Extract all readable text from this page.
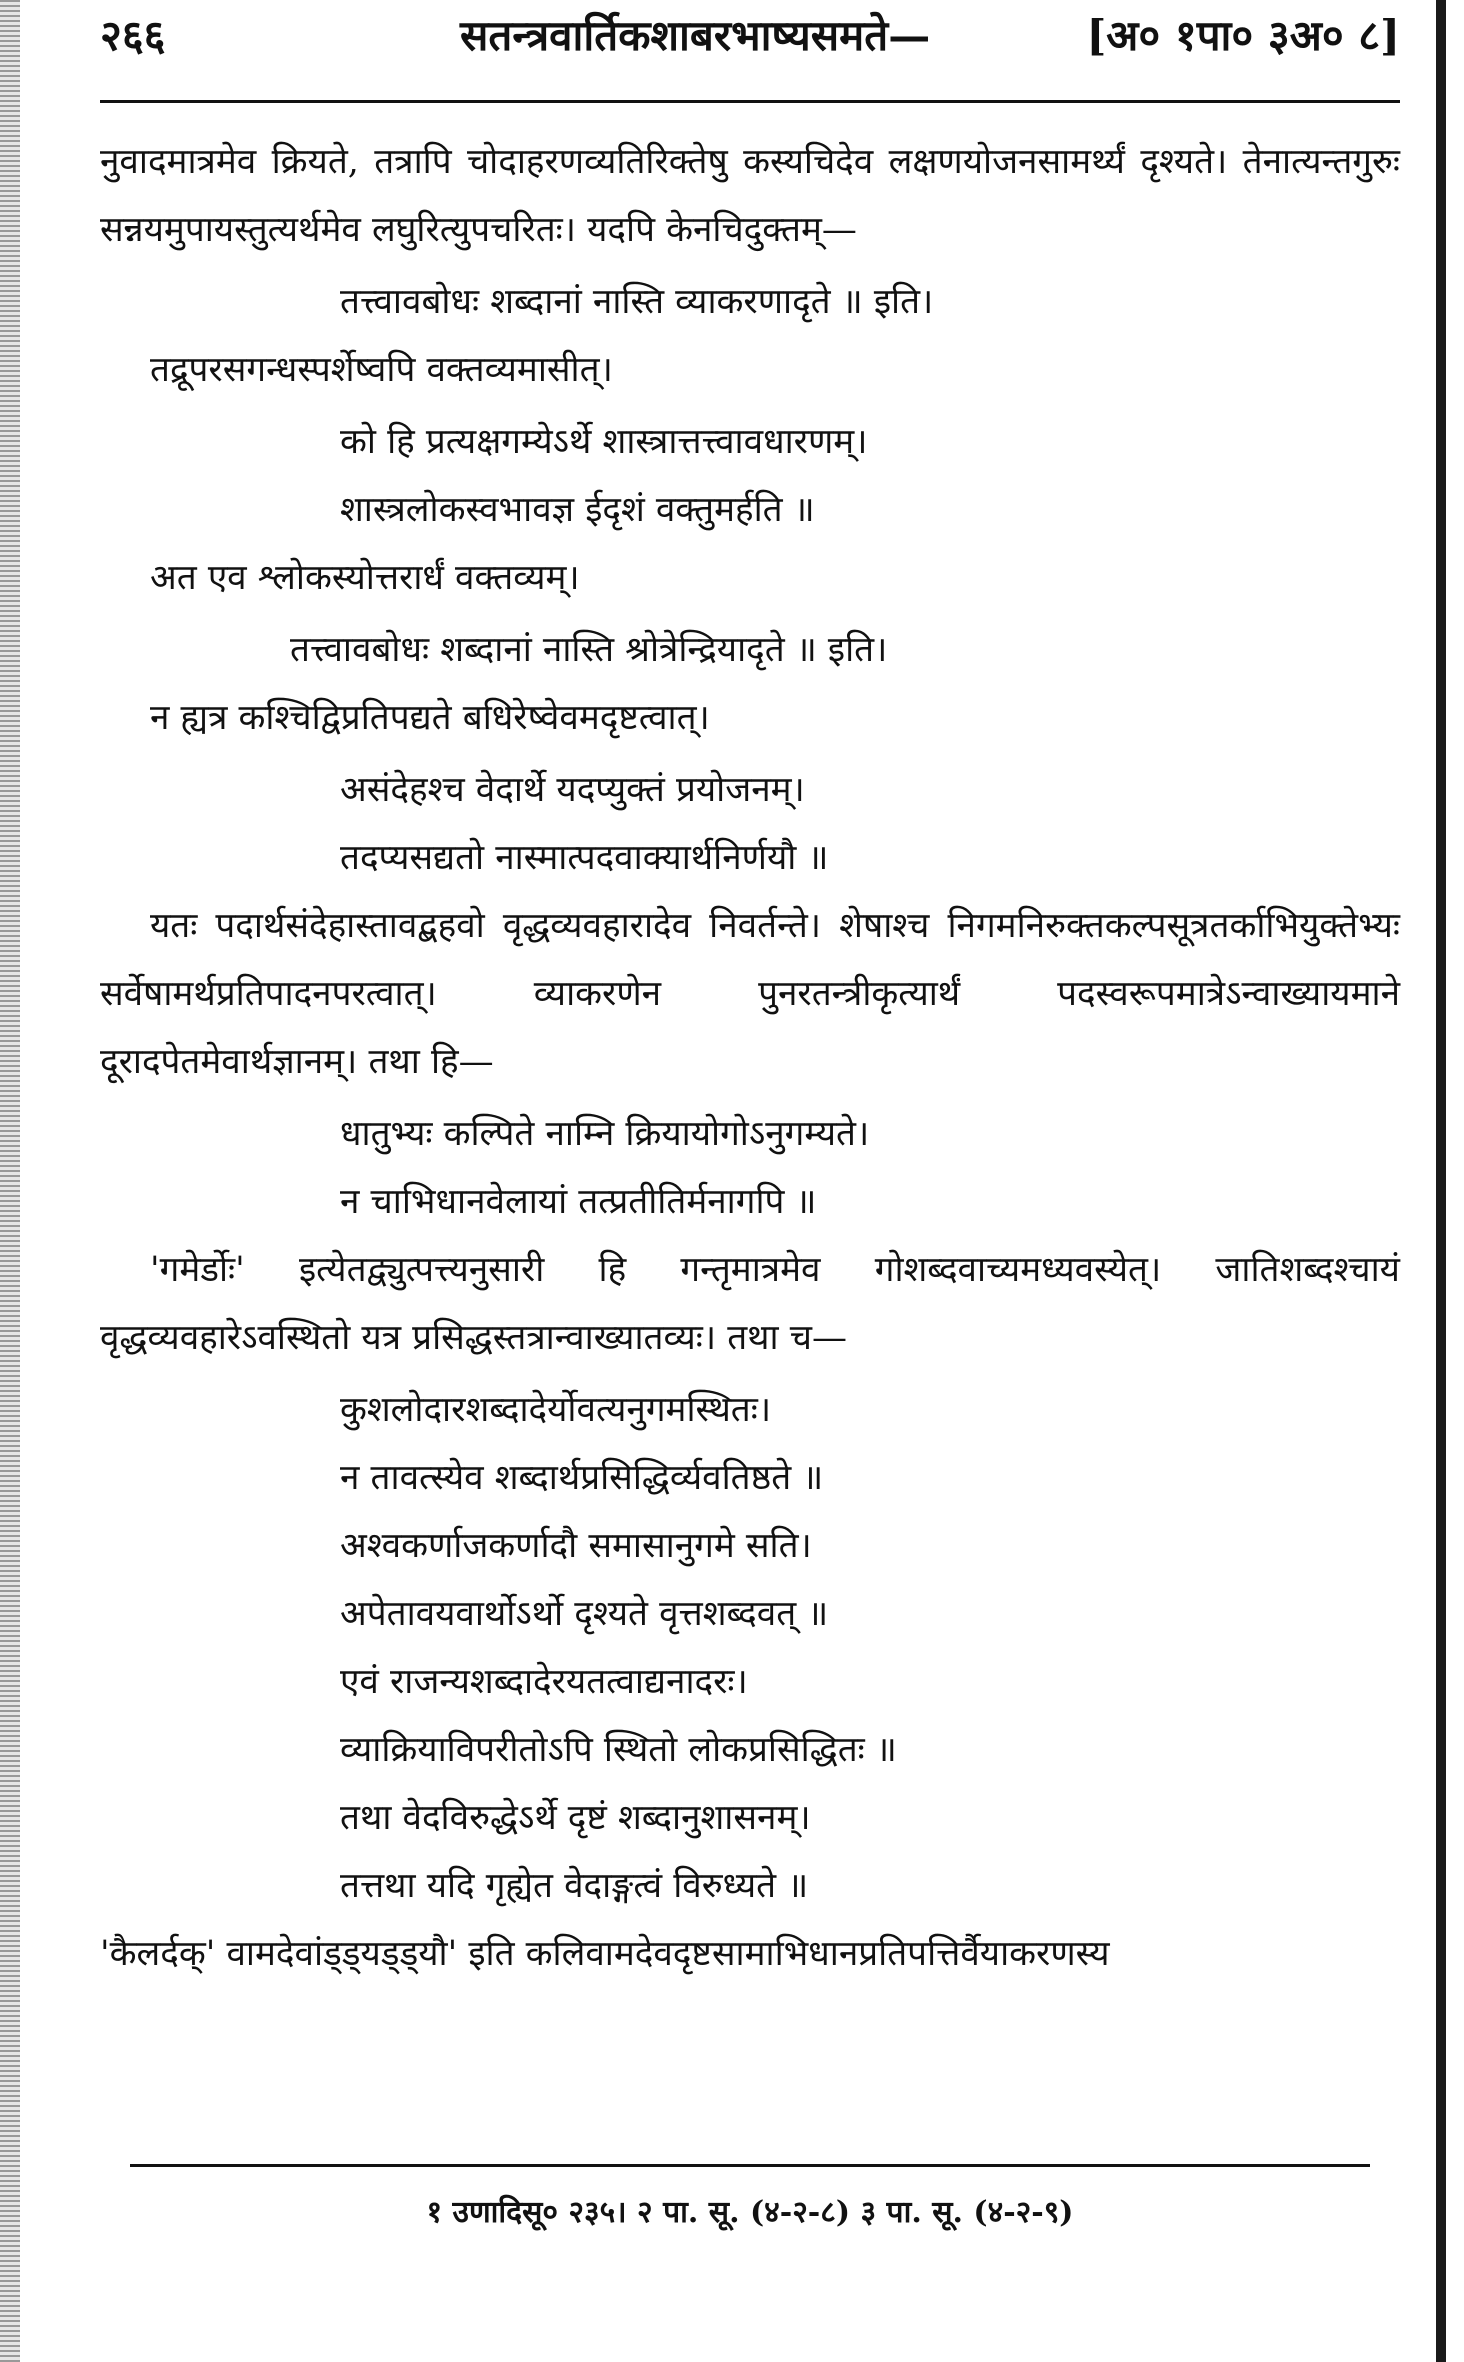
२६६	सतन्त्रवार्तिकशाबरभाष्यसमते—	[अ० १पा० ३अ० ८]

नुवादमात्रमेव क्रियते, तत्रापि चोदाहरणव्यतिरिक्तेषु कस्यचिदेव लक्षणयोजनसामर्थ्यं दृश्यते। तेनात्यन्तगुरुः सन्नयमुपायस्तुत्यर्थमेव लघुरित्युपचरितः। यदपि केनचिदुक्तम्—

तत्त्वावबोधः शब्दानां नास्ति व्याकरणादृते ॥ इति।

तद्रूपरसगन्धस्पर्शेष्वपि वक्तव्यमासीत्।

को हि प्रत्यक्षगम्येऽर्थे शास्त्रात्तत्त्वावधारणम्।

शास्त्रलोकस्वभावज्ञ ईदृशं वक्तुमर्हति ॥

अत एव श्लोकस्योत्तरार्धं वक्तव्यम्।

तत्त्वावबोधः शब्दानां नास्ति श्रोत्रेन्द्रियादृते ॥ इति।

न ह्यत्र कश्चिद्विप्रतिपद्यते बधिरेष्वेवमदृष्टत्वात्।

असंदेहश्च वेदार्थे यदप्युक्तं प्रयोजनम्।

तदप्यसद्यतो नास्मात्पदवाक्यार्थनिर्णयौ ॥

यतः पदार्थसंदेहास्तावद्बहवो वृद्धव्यवहारादेव निवर्तन्ते। शेषाश्च निगमनिरुक्तकल्पसूत्रतर्काभियुक्तेभ्यः सर्वेषामर्थप्रतिपादनपरत्वात्। व्याकरणेन पुनरतन्त्रीकृत्यार्थं पदस्वरूपमात्रेऽन्वाख्यायमाने दूरादपेतमेवार्थज्ञानम्। तथा हि—

धातुभ्यः कल्पिते नाम्नि क्रियायोगोऽनुगम्यते।

न चाभिधानवेलायां तत्प्रतीतिर्मनागपि ॥

'गमेर्डोः' इत्येतद्व्युत्पत्त्यनुसारी हि गन्तृमात्रमेव गोशब्दवाच्यमध्यवस्येत्। जातिशब्दश्चायं वृद्धव्यवहारेऽवस्थितो यत्र प्रसिद्धस्तत्रान्वाख्यातव्यः। तथा च—

कुशलोदारशब्दादेर्योवत्यनुगमस्थितः।

न तावत्स्येव शब्दार्थप्रसिद्धिर्व्यवतिष्ठते ॥

अश्वकर्णाजकर्णादौ समासानुगमे सति।

अपेतावयवार्थोऽर्थो दृश्यते वृत्तशब्दवत् ॥

एवं राजन्यशब्दादेरयतत्वाद्यनादरः।

व्याक्रियाविपरीतोऽपि स्थितो लोकप्रसिद्धितः ॥

तथा वेदविरुद्धेऽर्थे दृष्टं शब्दानुशासनम्।

तत्तथा यदि गृह्येत वेदाङ्गत्वं विरुध्यते ॥

'कैलर्दक्' वामदेवांड्ड्यड्ड्यौ' इति कलिवामदेवदृष्टसामाभिधानप्रतिपत्तिर्वैयाकरणस्य

१ उणादिसू० २३५। २ पा. सू. (४-२-८) ३ पा. सू. (४-२-९)
